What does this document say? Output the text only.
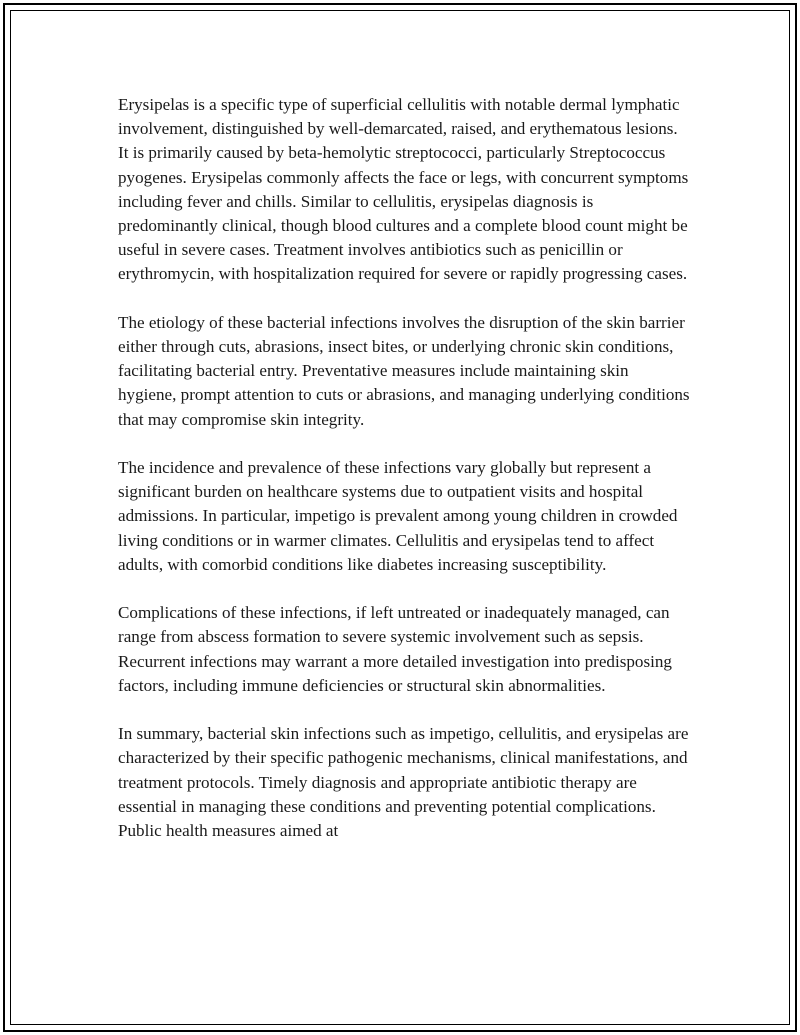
Erysipelas is a specific type of superficial cellulitis with notable dermal lymphatic involvement, distinguished by well-demarcated, raised, and erythematous lesions. It is primarily caused by beta-hemolytic streptococci, particularly Streptococcus pyogenes. Erysipelas commonly affects the face or legs, with concurrent symptoms including fever and chills. Similar to cellulitis, erysipelas diagnosis is predominantly clinical, though blood cultures and a complete blood count might be useful in severe cases. Treatment involves antibiotics such as penicillin or erythromycin, with hospitalization required for severe or rapidly progressing cases.

The etiology of these bacterial infections involves the disruption of the skin barrier either through cuts, abrasions, insect bites, or underlying chronic skin conditions, facilitating bacterial entry. Preventative measures include maintaining skin hygiene, prompt attention to cuts or abrasions, and managing underlying conditions that may compromise skin integrity.

The incidence and prevalence of these infections vary globally but represent a significant burden on healthcare systems due to outpatient visits and hospital admissions. In particular, impetigo is prevalent among young children in crowded living conditions or in warmer climates. Cellulitis and erysipelas tend to affect adults, with comorbid conditions like diabetes increasing susceptibility.

Complications of these infections, if left untreated or inadequately managed, can range from abscess formation to severe systemic involvement such as sepsis. Recurrent infections may warrant a more detailed investigation into predisposing factors, including immune deficiencies or structural skin abnormalities.

In summary, bacterial skin infections such as impetigo, cellulitis, and erysipelas are characterized by their specific pathogenic mechanisms, clinical manifestations, and treatment protocols. Timely diagnosis and appropriate antibiotic therapy are essential in managing these conditions and preventing potential complications. Public health measures aimed at
